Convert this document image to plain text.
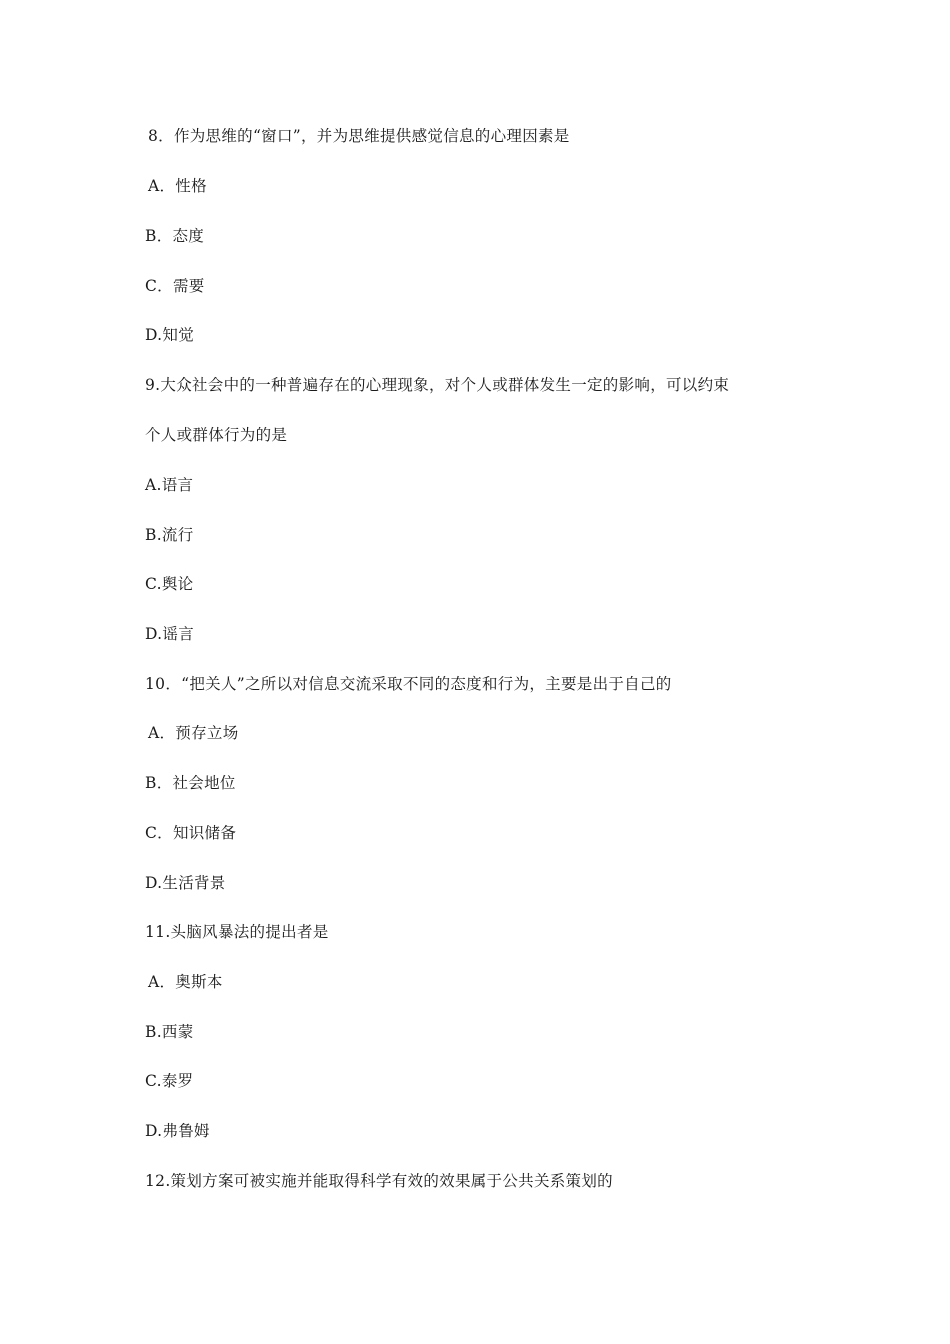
8．作为思维的“窗口”，并为思维提供感觉信息的心理因素是
A．性格
B．态度
C．需要
D.知觉
9.大众社会中的一种普遍存在的心理现象，对个人或群体发生一定的影响，可以约束
个人或群体行为的是
A.语言
B.流行
C.舆论
D.谣言
10．“把关人”之所以对信息交流采取不同的态度和行为，主要是出于自己的
A．预存立场
B．社会地位
C．知识储备
D.生活背景
11.头脑风暴法的提出者是
A．奥斯本
B.西蒙
C.泰罗
D.弗鲁姆
12.策划方案可被实施并能取得科学有效的效果属于公共关系策划的
